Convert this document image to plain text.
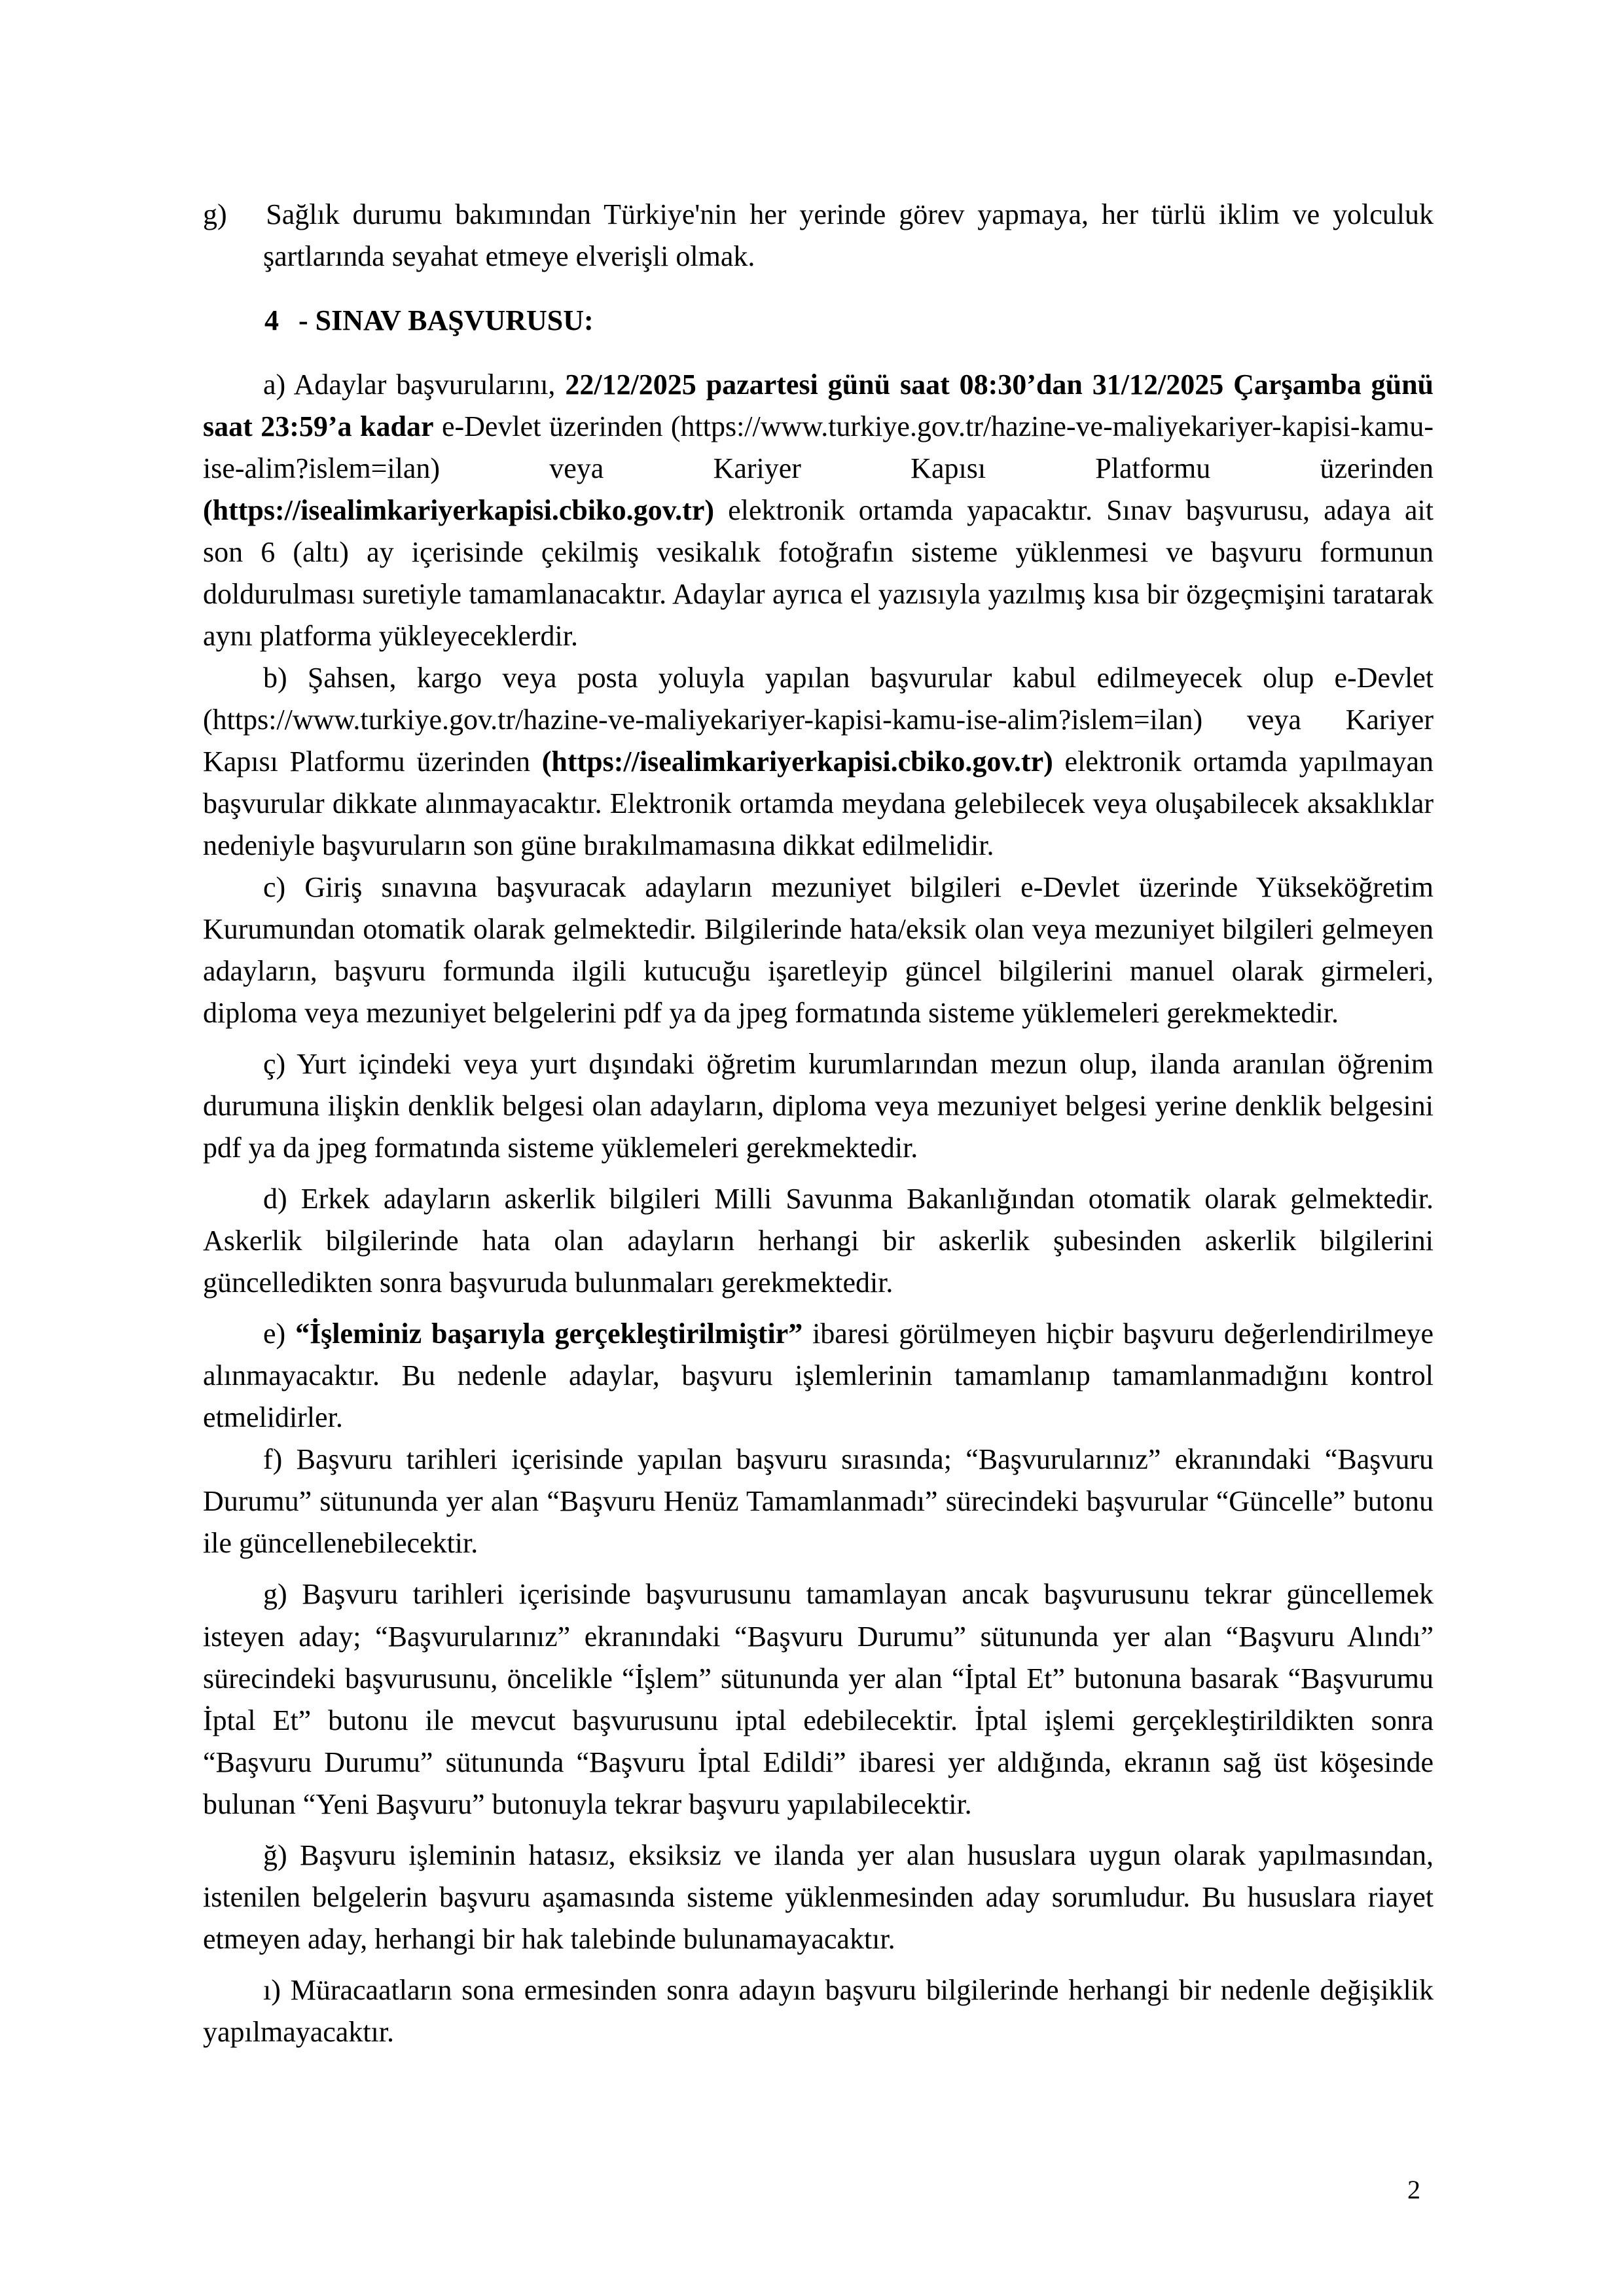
g) Sağlık durumu bakımından Türkiye'nin her yerinde görev yapmaya, her türlü iklim ve yolculuk şartlarında seyahat etmeye elverişli olmak.

4 - SINAV BAŞVURUSU:

a) Adaylar başvurularını, 22/12/2025 pazartesi günü saat 08:30’dan 31/12/2025 Çarşamba günü saat 23:59’a kadar e-Devlet üzerinden (https://www.turkiye.gov.tr/hazine-ve-maliyekariyer-kapisi-kamu-ise-alim?islem=ilan) veya Kariyer Kapısı Platformu üzerinden (https://isealimkariyerkapisi.cbiko.gov.tr) elektronik ortamda yapacaktır. Sınav başvurusu, adaya ait son 6 (altı) ay içerisinde çekilmiş vesikalık fotoğrafın sisteme yüklenmesi ve başvuru formunun doldurulması suretiyle tamamlanacaktır. Adaylar ayrıca el yazısıyla yazılmış kısa bir özgeçmişini taratarak aynı platforma yükleyeceklerdir.

b) Şahsen, kargo veya posta yoluyla yapılan başvurular kabul edilmeyecek olup e-Devlet (https://www.turkiye.gov.tr/hazine-ve-maliyekariyer-kapisi-kamu-ise-alim?islem=ilan) veya Kariyer Kapısı Platformu üzerinden (https://isealimkariyerkapisi.cbiko.gov.tr) elektronik ortamda yapılmayan başvurular dikkate alınmayacaktır. Elektronik ortamda meydana gelebilecek veya oluşabilecek aksaklıklar nedeniyle başvuruların son güne bırakılmamasına dikkat edilmelidir.

c) Giriş sınavına başvuracak adayların mezuniyet bilgileri e-Devlet üzerinde Yükseköğretim Kurumundan otomatik olarak gelmektedir. Bilgilerinde hata/eksik olan veya mezuniyet bilgileri gelmeyen adayların, başvuru formunda ilgili kutucuğu işaretleyip güncel bilgilerini manuel olarak girmeleri, diploma veya mezuniyet belgelerini pdf ya da jpeg formatında sisteme yüklemeleri gerekmektedir.

ç) Yurt içindeki veya yurt dışındaki öğretim kurumlarından mezun olup, ilanda aranılan öğrenim durumuna ilişkin denklik belgesi olan adayların, diploma veya mezuniyet belgesi yerine denklik belgesini pdf ya da jpeg formatında sisteme yüklemeleri gerekmektedir.

d) Erkek adayların askerlik bilgileri Milli Savunma Bakanlığından otomatik olarak gelmektedir. Askerlik bilgilerinde hata olan adayların herhangi bir askerlik şubesinden askerlik bilgilerini güncelledikten sonra başvuruda bulunmaları gerekmektedir.

e) “İşleminiz başarıyla gerçekleştirilmiştir” ibaresi görülmeyen hiçbir başvuru değerlendirilmeye alınmayacaktır. Bu nedenle adaylar, başvuru işlemlerinin tamamlanıp tamamlanmadığını kontrol etmelidirler.

f) Başvuru tarihleri içerisinde yapılan başvuru sırasında; “Başvurularınız” ekranındaki “Başvuru Durumu” sütununda yer alan “Başvuru Henüz Tamamlanmadı” sürecindeki başvurular “Güncelle” butonu ile güncellenebilecektir.

g) Başvuru tarihleri içerisinde başvurusunu tamamlayan ancak başvurusunu tekrar güncellemek isteyen aday; “Başvurularınız” ekranındaki “Başvuru Durumu” sütununda yer alan “Başvuru Alındı” sürecindeki başvurusunu, öncelikle “İşlem” sütununda yer alan “İptal Et” butonuna basarak “Başvurumu İptal Et” butonu ile mevcut başvurusunu iptal edebilecektir. İptal işlemi gerçekleştirildikten sonra “Başvuru Durumu” sütununda “Başvuru İptal Edildi” ibaresi yer aldığında, ekranın sağ üst köşesinde bulunan “Yeni Başvuru” butonuyla tekrar başvuru yapılabilecektir.

ğ) Başvuru işleminin hatasız, eksiksiz ve ilanda yer alan hususlara uygun olarak yapılmasından, istenilen belgelerin başvuru aşamasında sisteme yüklenmesinden aday sorumludur. Bu hususlara riayet etmeyen aday, herhangi bir hak talebinde bulunamayacaktır.

ı) Müracaatların sona ermesinden sonra adayın başvuru bilgilerinde herhangi bir nedenle değişiklik yapılmayacaktır.

2
